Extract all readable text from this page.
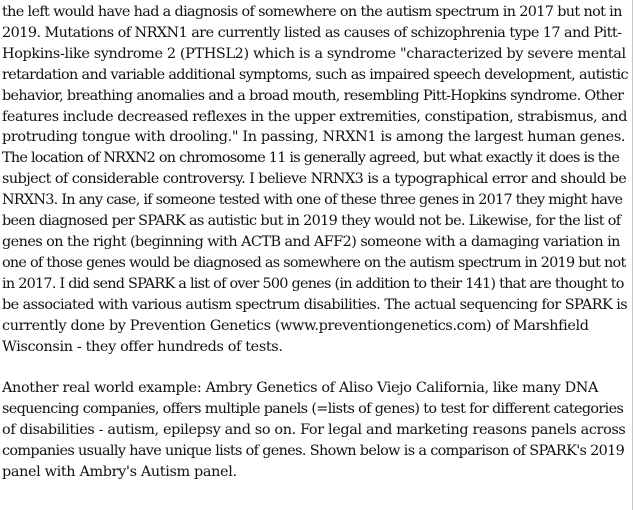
the left would have had a diagnosis of somewhere on the autism spectrum in 2017 but not in
2019. Mutations of NRXN1 are currently listed as causes of schizophrenia type 17 and Pitt-
Hopkins-like syndrome 2 (PTHSL2) which is a syndrome "characterized by severe mental
retardation and variable additional symptoms, such as impaired speech development, autistic
behavior, breathing anomalies and a broad mouth, resembling Pitt-Hopkins syndrome. Other
features include decreased reflexes in the upper extremities, constipation, strabismus, and
protruding tongue with drooling." In passing, NRXN1 is among the largest human genes.
The location of NRXN2 on chromosome 11 is generally agreed, but what exactly it does is the
subject of considerable controversy. I believe NRNX3 is a typographical error and should be
NRXN3. In any case, if someone tested with one of these three genes in 2017 they might have
been diagnosed per SPARK as autistic but in 2019 they would not be. Likewise, for the list of
genes on the right (beginning with ACTB and AFF2) someone with a damaging variation in
one of those genes would be diagnosed as somewhere on the autism spectrum in 2019 but not
in 2017. I did send SPARK a list of over 500 genes (in addition to their 141) that are thought to
be associated with various autism spectrum disabilities. The actual sequencing for SPARK is
currently done by Prevention Genetics (www.preventiongenetics.com) of Marshfield
Wisconsin - they offer hundreds of tests.

Another real world example: Ambry Genetics of Aliso Viejo California, like many DNA
sequencing companies, offers multiple panels (=lists of genes) to test for different categories
of disabilities - autism, epilepsy and so on. For legal and marketing reasons panels across
companies usually have unique lists of genes. Shown below is a comparison of SPARK's 2019
panel with Ambry's Autism panel.
